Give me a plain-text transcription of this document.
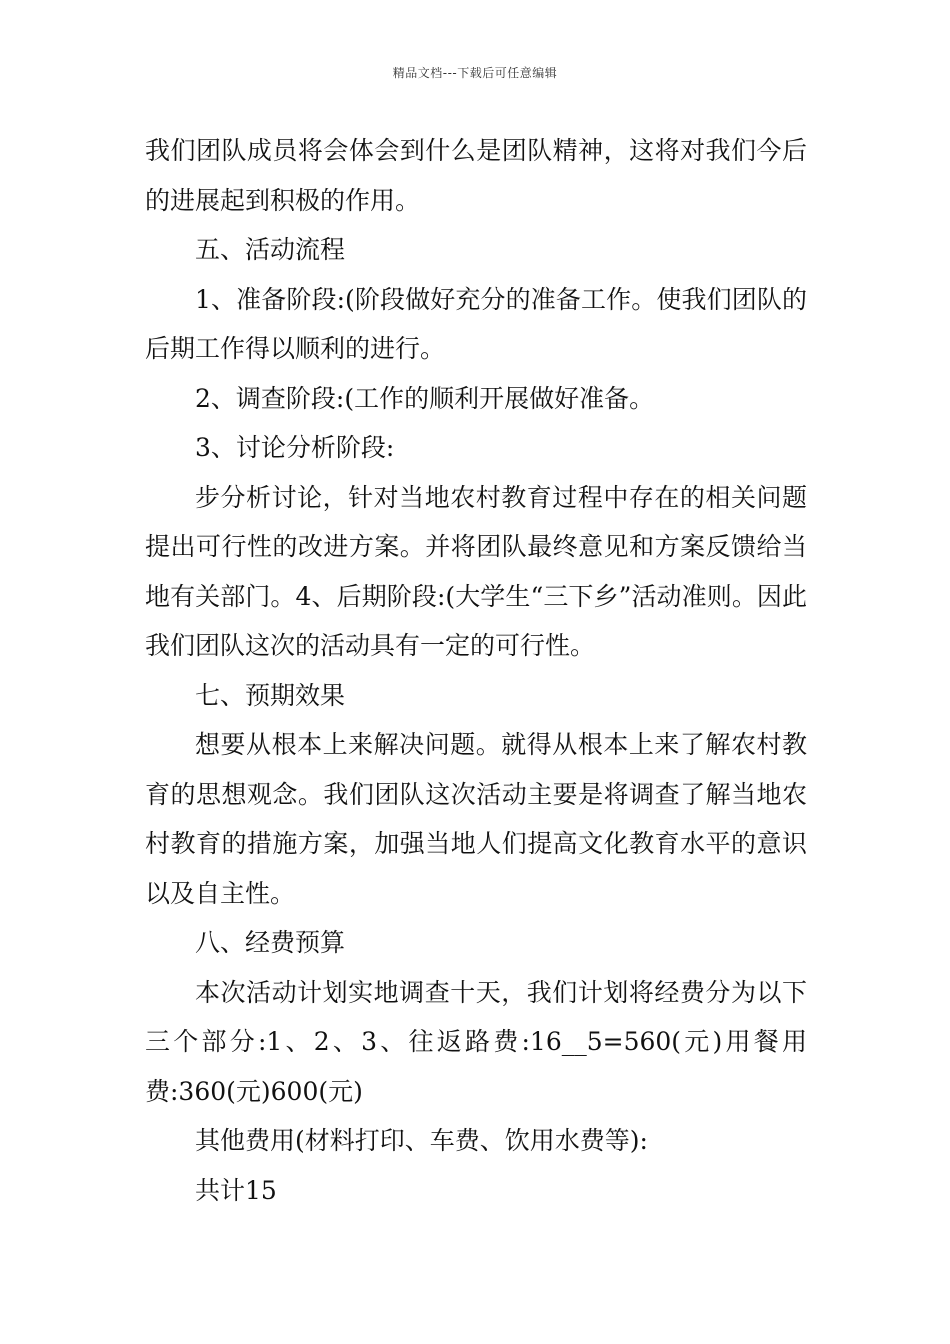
精品文档---下载后可任意编辑

我们团队成员将会体会到什么是团队精神，这将对我们今后的进展起到积极的作用。

五、活动流程

1、准备阶段:(阶段做好充分的准备工作。使我们团队的后期工作得以顺利的进行。

2、调查阶段:(工作的顺利开展做好准备。

3、讨论分析阶段:

步分析讨论，针对当地农村教育过程中存在的相关问题提出可行性的改进方案。并将团队最终意见和方案反馈给当地有关部门。4、后期阶段:(大学生“三下乡”活动准则。因此我们团队这次的活动具有一定的可行性。

七、预期效果

想要从根本上来解决问题。就得从根本上来了解农村教育的思想观念。我们团队这次活动主要是将调查了解当地农村教育的措施方案，加强当地人们提高文化教育水平的意识以及自主性。

八、经费预算

本次活动计划实地调查十天，我们计划将经费分为以下三个部分:1、2、3、往返路费:16__5=560(元)用餐用费:360(元)600(元)

其他费用(材料打印、车费、饮用水费等):

共计15
